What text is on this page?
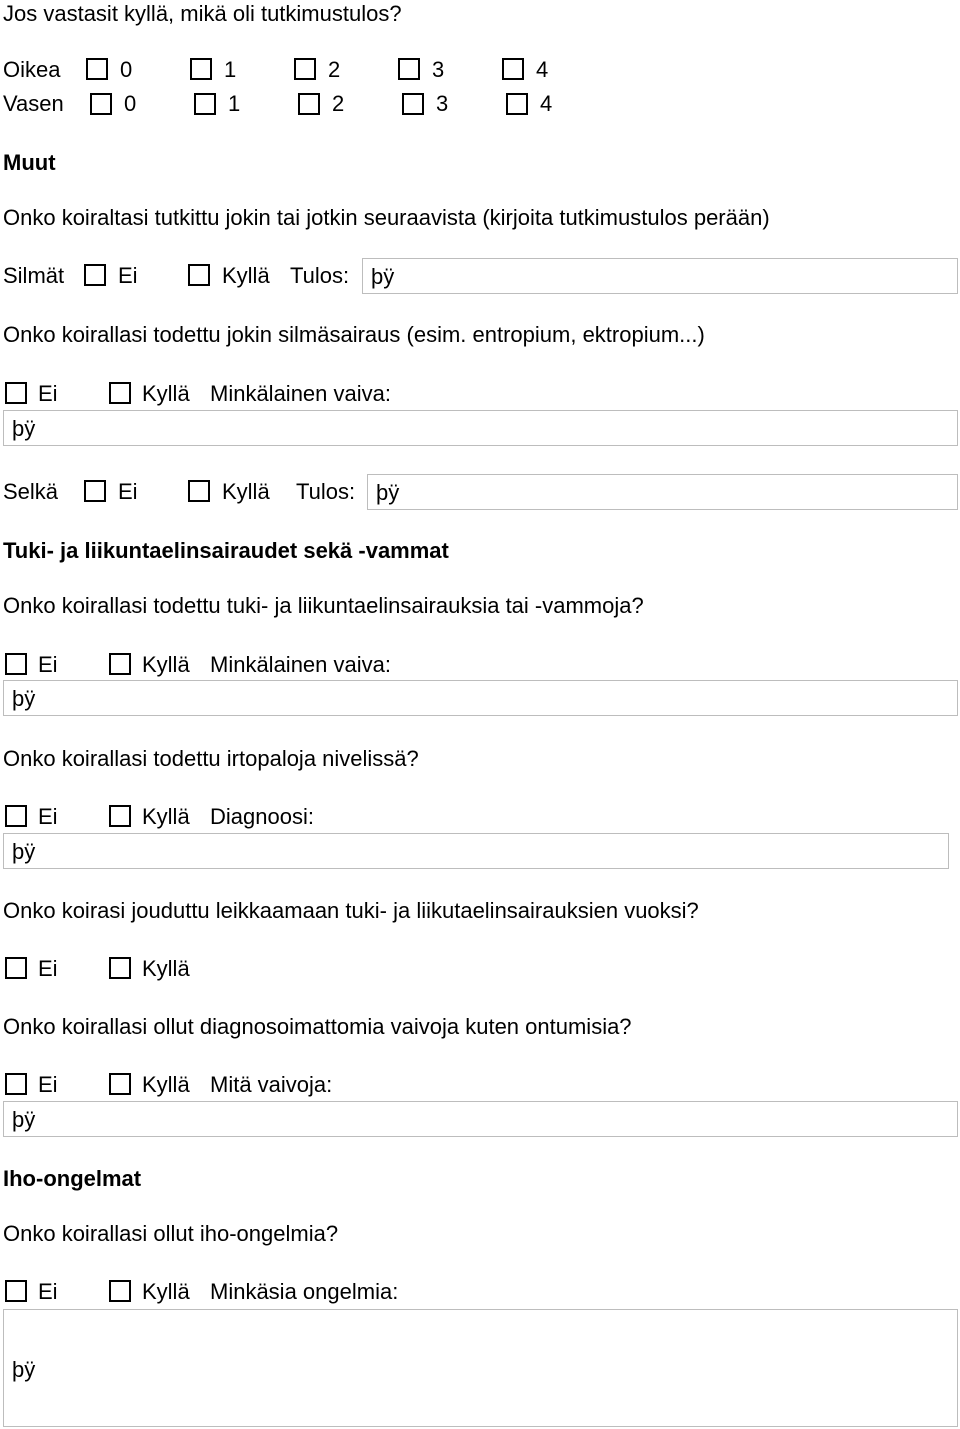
Jos vastasit kyllä, mikä oli tutkimustulos?
Oikea	0	1	2	3	4
Vasen	0	1	2	3	4
Muut
Onko koiraltasi tutkittu jokin tai jotkin seuraavista (kirjoita tutkimustulos perään)
Silmät Ei	Kyllä Tulos: þÿ
Onko koirallasi todettu jokin silmäsairaus (esim. entropium, ektropium...)
Ei	Kyllä Minkälainen vaiva:
þÿ
Selkä	Ei	Kyllä Tulos: þÿ
Tuki- ja liikuntaelinsairaudet sekä -vammat
Onko koirallasi todettu tuki- ja liikuntaelinsairauksia tai -vammoja?
Ei	Kyllä Minkälainen vaiva:
þÿ
Onko koirallasi todettu irtopaloja nivelissä?
Ei	Kyllä Diagnoosi:
þÿ
Onko koirasi jouduttu leikkaamaan tuki- ja liikutaelinsairauksien vuoksi?
Ei	Kyllä
Onko koirallasi ollut diagnosoimattomia vaivoja kuten ontumisia?
Ei	Kyllä Mitä vaivoja:
þÿ
Iho-ongelmat
Onko koirallasi ollut iho-ongelmia?
Ei	Kyllä Minkäsia ongelmia:
þÿ
